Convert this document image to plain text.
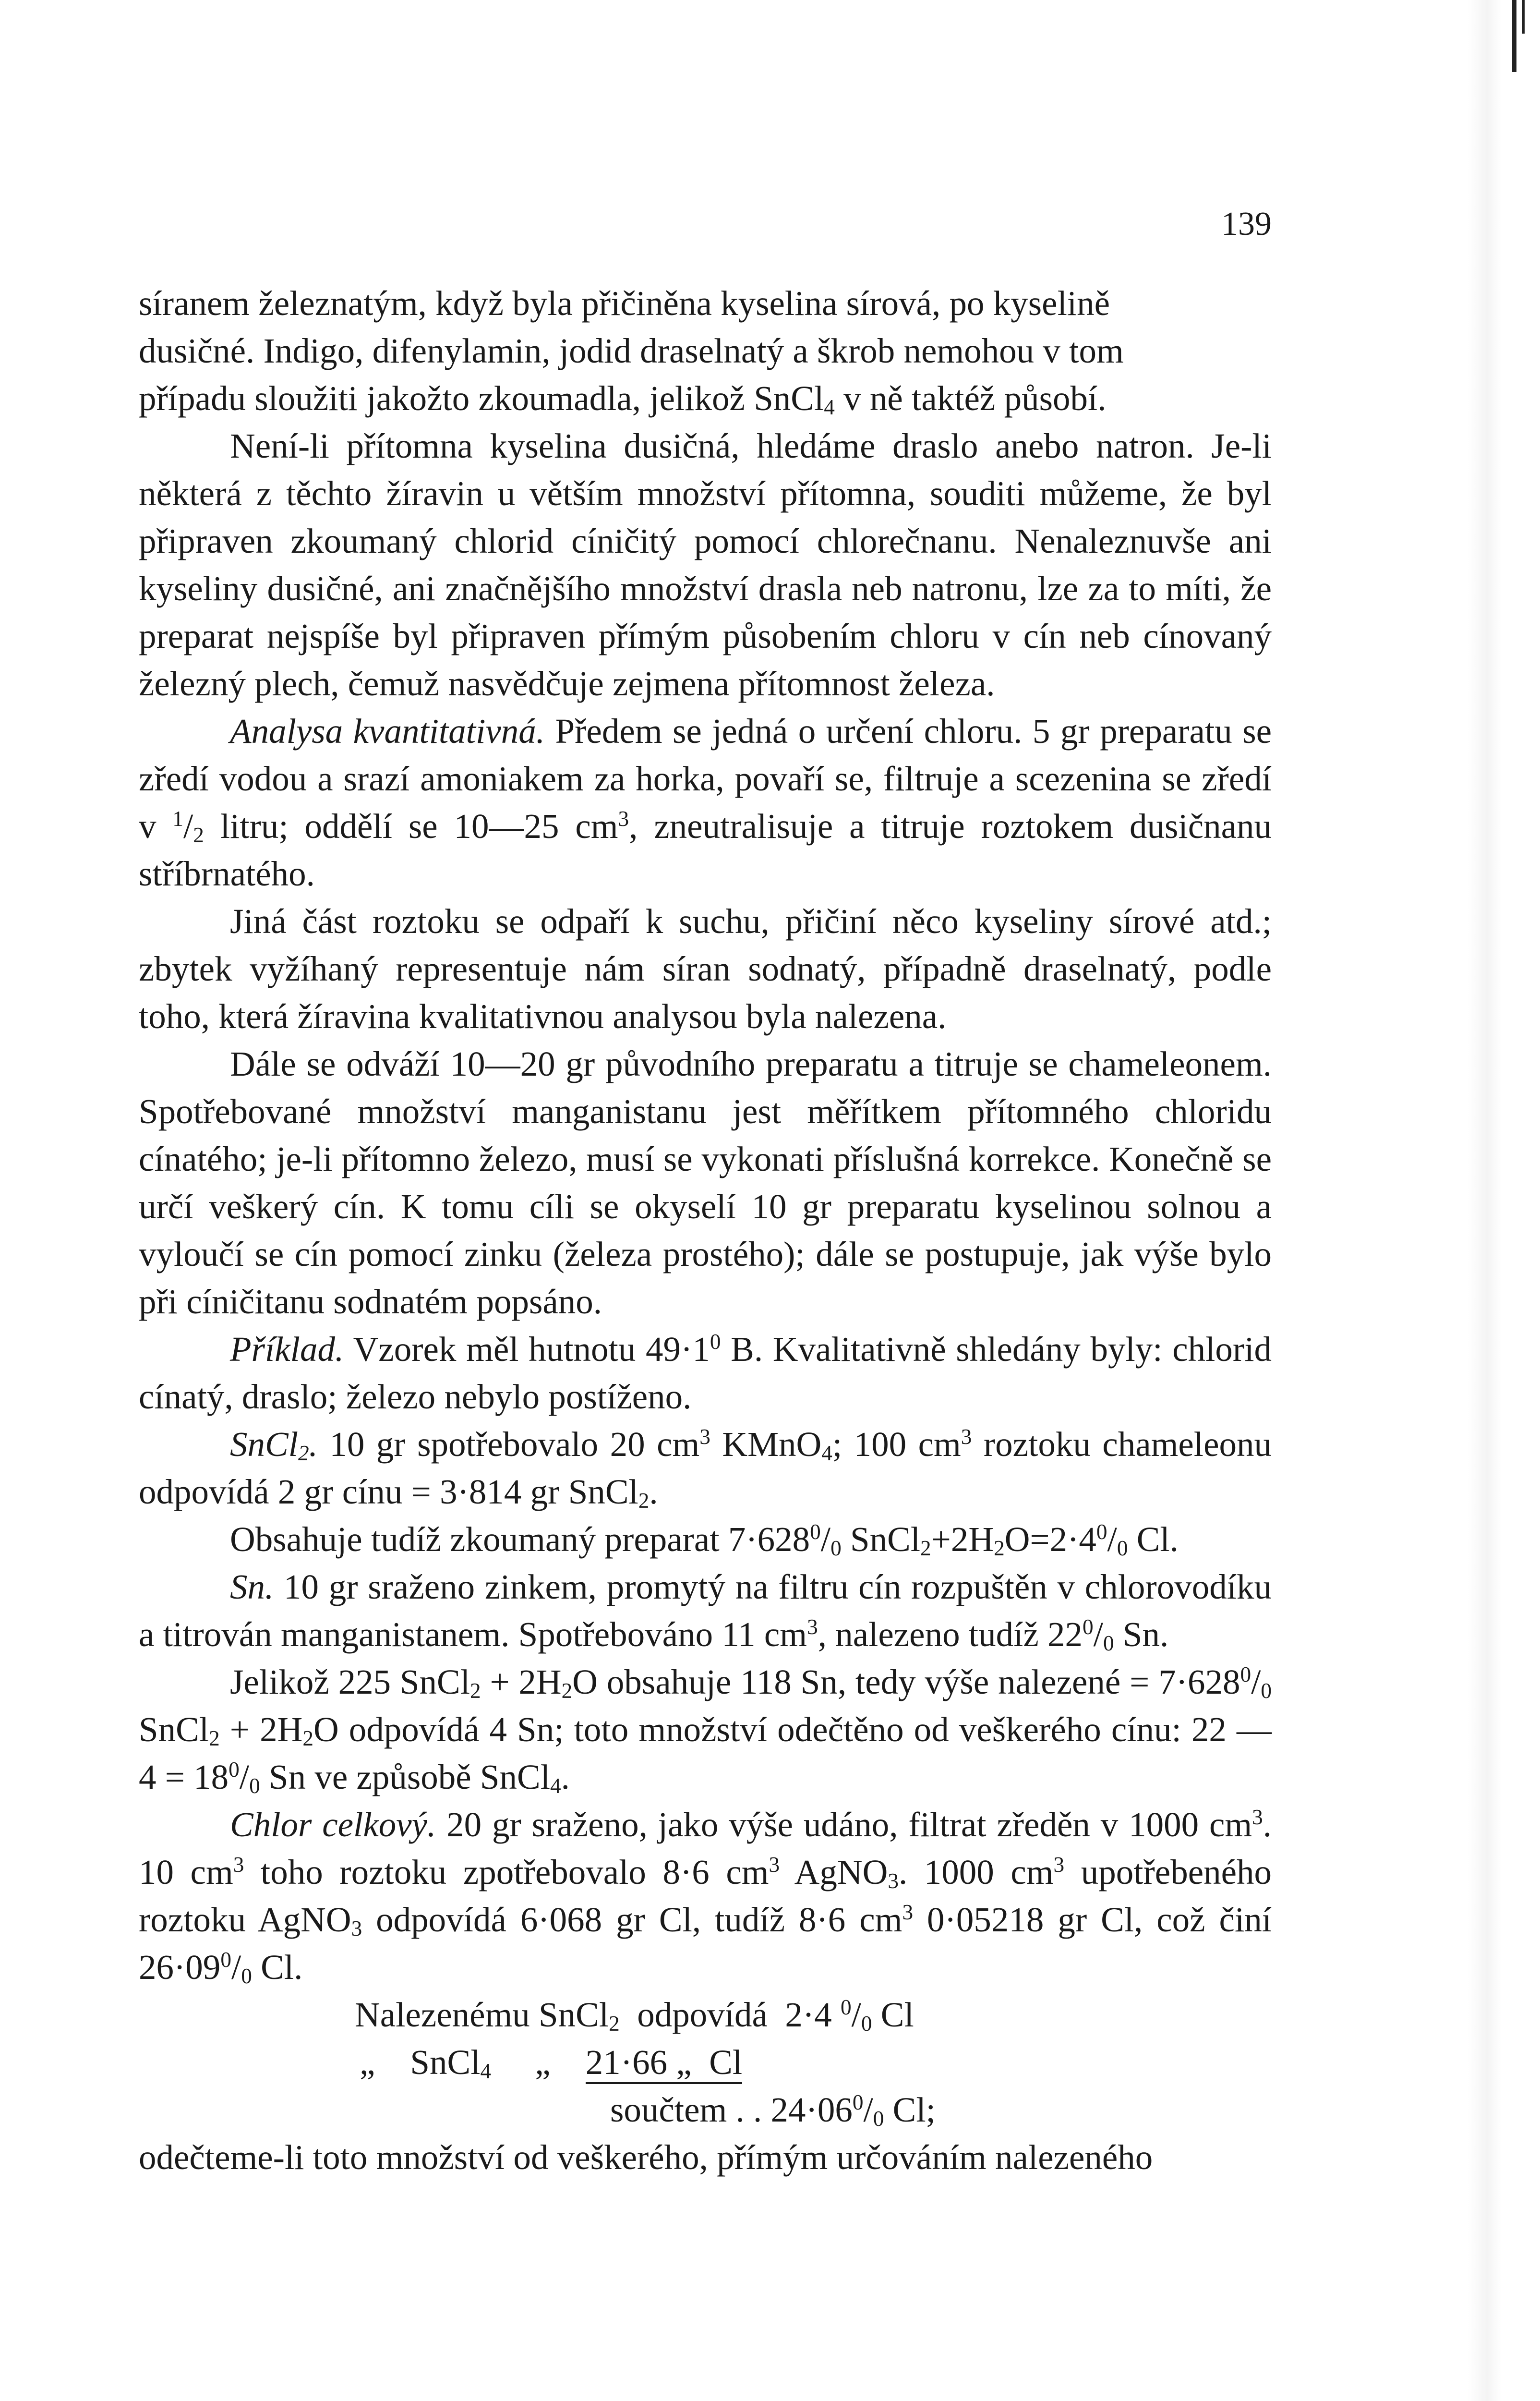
139

síranem železnatým, když byla přičiněna kyselina sírová, po kyselině
dusičné. Indigo, difenylamin, jodid draselnatý a škrob nemohou v tom
případu sloužiti jakožto zkoumadla, jelikož SnCl$_4$ v ně taktéž působí.

Není-li přítomna kyselina dusičná, hledáme draslo anebo natron. Je-li některá z těchto žíravin u větším množství přítomna, souditi můžeme, že byl připraven zkoumaný chlorid cíničitý pomocí chlorečnanu. Nenaleznuvše ani kyseliny dusičné, ani značnějšího množství drasla neb natronu, lze za to míti, že preparat nejspíše byl připraven přímým působením chloru v cín neb cínovaný železný plech, čemuž nasvědčuje zejmena přítomnost železa.

Analysa kvantitativná. Předem se jedná o určení chloru. 5 gr preparatu se zředí vodou a srazí amoniakem za horka, povaří se, filtruje a scezenina se zředí v $^1/_2$ litru; oddělí se 10—25 $cm^3$, zneutralisuje a titruje roztokem dusičnanu stříbrnatého.

Jiná část roztoku se odpaří k suchu, přičiní něco kyseliny sírové atd.; zbytek vyžíhaný representuje nám síran sodnatý, případně draselnatý, podle toho, která žíravina kvalitativnou analysou byla nalezena.

Dále se odváží 10—20 gr původního preparatu a titruje se chameleonem. Spotřebované množství manganistanu jest měřítkem přítomného chloridu cínatého; je-li přítomno železo, musí se vykonati příslušná korrekce. Konečně se určí veškerý cín. K tomu cíli se okyselí 10 gr preparatu kyselinou solnou a vyloučí se cín pomocí zinku (železa prostého); dále se postupuje, jak výše bylo při cíničitanu sodnatém popsáno.

Příklad. Vzorek měl hutnotu $49\cdot 1^0$ B. Kvalitativně shledány byly: chlorid cínatý, draslo; železo nebylo postíženo.

SnCl$_2$. 10 gr spotřebovalo 20 $cm^3$ KMnO$_4$; 100 $cm^3$ roztoku chameleonu odpovídá 2 gr cínu = 3·814 gr SnCl$_2$.

Obsahuje tudíž zkoumaný preparat $7\cdot 628^0/_0$ $SnCl_2+2H_2O=2\cdot 4^0/_0$ Cl.

Sn. 10 gr sraženo zinkem, promytý na filtru cín rozpuštěn v chlorovodíku a titrován manganistanem. Spotřebováno 11 $cm^3$, nalezeno tudíž $22^0/_0$ Sn.

Jelikož 225 SnCl$_2$ + $2H_2O$ obsahuje 118 Sn, tedy výše nalezené = $7\cdot 628^0/_0$ SnCl$_2$ + $2H_2O$ odpovídá 4 Sn; toto množství odečtěno od veškerého cínu: 22 — $4 = 18^0/_0$ Sn ve způsobě SnCl$_4$.

Chlor celkový. 20 gr sraženo, jako výše udáno, filtrat zředěn v 1000 $cm^3$. 10 $cm^3$ toho roztoku zpotřebovalo 8·6 $cm^3$ AgNO$_3$. 1000 $cm^3$ upotřebeného roztoku AgNO$_3$ odpovídá 6·068 gr Cl, tudíž 8·6 $cm^3$ 0·05218 gr Cl, což činí $26\cdot 09^0/_0$ Cl.

Nalezenému SnCl$_2$  odpovídá  2·4 $^0/_0$ Cl
„    SnCl$_4$     „    21·66 „  Cl
součtem . . $24\cdot 06^0/_0$ Cl;

odečteme-li toto množství od veškerého, přímým určováním nalezeného
